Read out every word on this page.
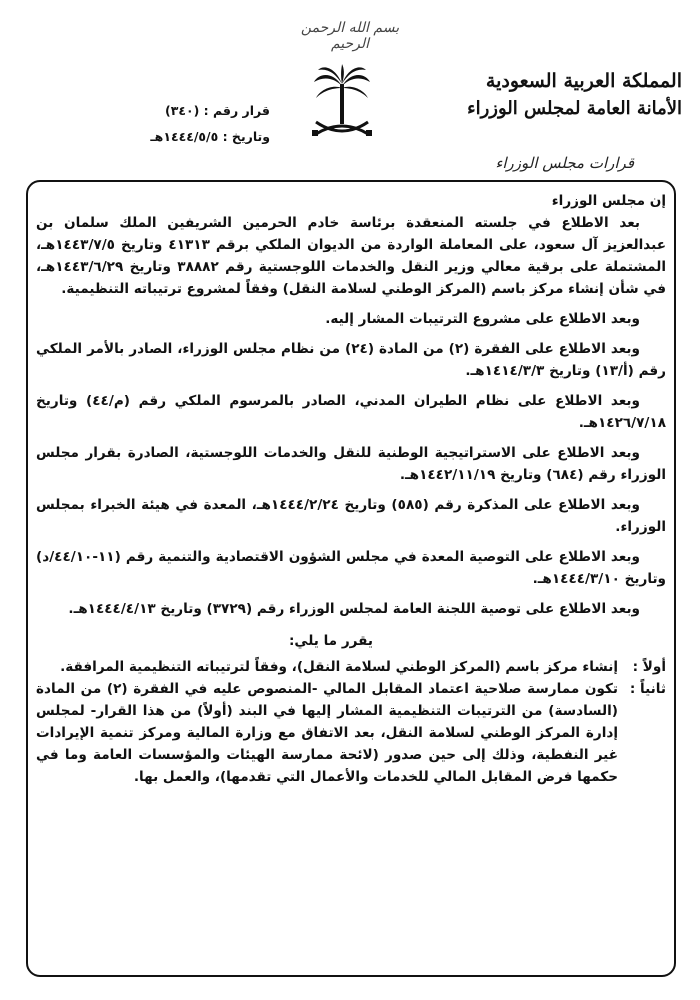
بسم الله الرحمن الرحيم
المملكة العربية السعودية
الأمانة العامة لمجلس الوزراء
قرارات مجلس الوزراء
قرار رقم : (٣٤٠)
وتاريخ : ١٤٤٤/٥/٥هـ

إن مجلس الوزراء

بعد الاطلاع في جلسته المنعقدة برئاسة خادم الحرمين الشريفين الملك سلمان بن عبدالعزيز آل سعود، على المعاملة الواردة من الديوان الملكي برقم ٤١٣١٣ وتاريخ ١٤٤٣/٧/٥هـ، المشتملة على برقية معالي وزير النقل والخدمات اللوجستية رقم ٣٨٨٨٢ وتاريخ ١٤٤٣/٦/٢٩هـ، في شأن إنشاء مركز باسم (المركز الوطني لسلامة النقل) وفقاً لمشروع ترتيباته التنظيمية.

وبعد الاطلاع على مشروع الترتيبات المشار إليه.

وبعد الاطلاع على الفقرة (٢) من المادة (٢٤) من نظام مجلس الوزراء، الصادر بالأمر الملكي رقم (أ/١٣) وتاريخ ١٤١٤/٣/٣هـ.

وبعد الاطلاع على نظام الطيران المدني، الصادر بالمرسوم الملكي رقم (م/٤٤) وتاريخ ١٤٢٦/٧/١٨هـ.

وبعد الاطلاع على الاستراتيجية الوطنية للنقل والخدمات اللوجستية، الصادرة بقرار مجلس الوزراء رقم (٦٨٤) وتاريخ ١٤٤٢/١١/١٩هـ.

وبعد الاطلاع على المذكرة رقم (٥٨٥) وتاريخ ١٤٤٤/٢/٢٤هـ، المعدة في هيئة الخبراء بمجلس الوزراء.

وبعد الاطلاع على التوصية المعدة في مجلس الشؤون الاقتصادية والتنمية رقم (١١-٤٤/١٠/د) وتاريخ ١٤٤٤/٣/١٠هـ.

وبعد الاطلاع على توصية اللجنة العامة لمجلس الوزراء رقم (٣٧٢٩) وتاريخ ١٤٤٤/٤/١٣هـ.

يقرر ما يلي:

أولاً :
إنشاء مركز باسم (المركز الوطني لسلامة النقل)، وفقاً لترتيباته التنظيمية المرافقة.
ثانياً :
تكون ممارسة صلاحية اعتماد المقابل المالي -المنصوص عليه في الفقرة (٢) من المادة (السادسة) من الترتيبات التنظيمية المشار إليها في البند (أولاً) من هذا القرار- لمجلس إدارة المركز الوطني لسلامة النقل، بعد الاتفاق مع وزارة المالية ومركز تنمية الإيرادات غير النفطية، وذلك إلى حين صدور (لائحة ممارسة الهيئات والمؤسسات العامة وما في حكمها فرض المقابل المالي للخدمات والأعمال التي تقدمها)، والعمل بها.
